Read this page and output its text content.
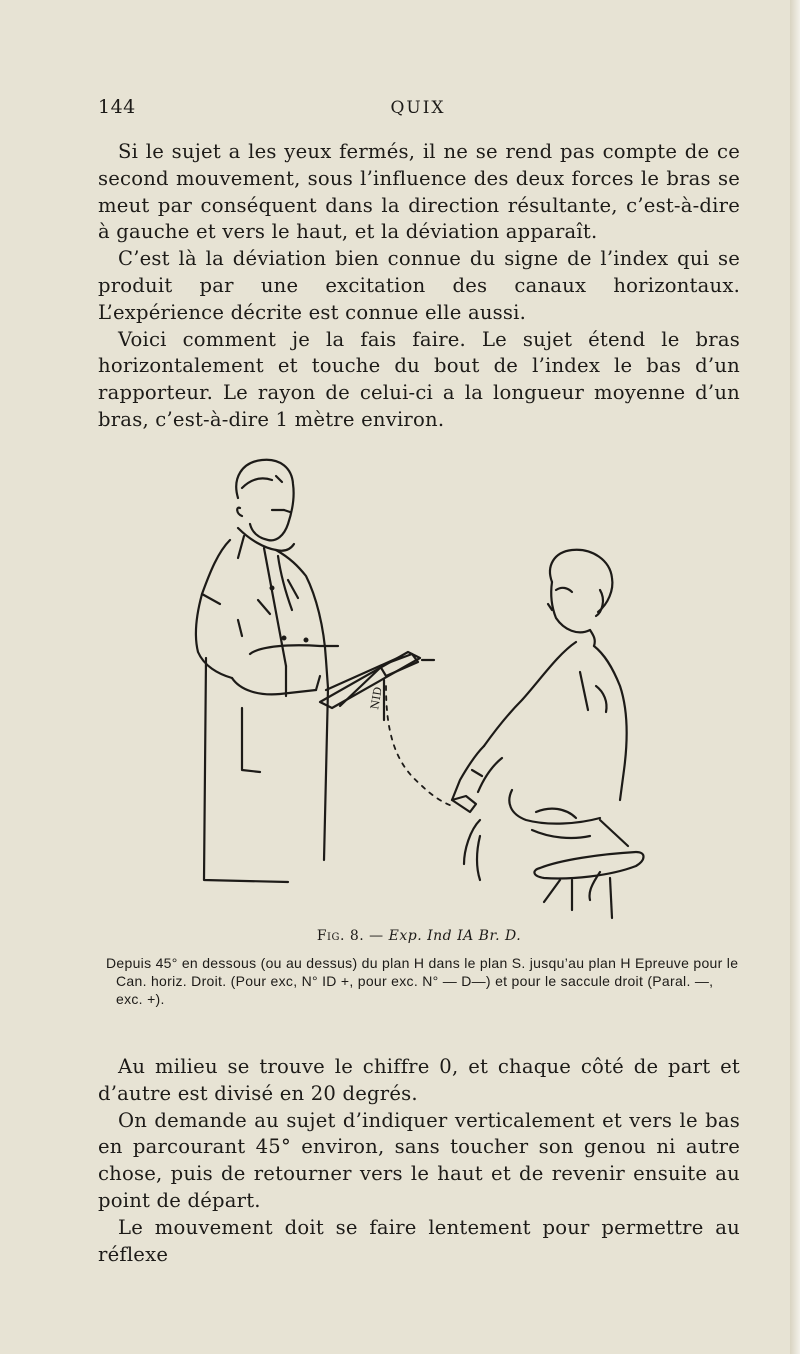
144	QUIX

Si le sujet a les yeux fermés, il ne se rend pas compte de ce second mouvement, sous l’influence des deux forces le bras se meut par conséquent dans la direction résultante, c’est-à-dire à gauche et vers le haut, et la déviation apparaît.

C’est là la déviation bien connue du signe de l’index qui se produit par une excitation des canaux horizontaux. L’expérience décrite est connue elle aussi.

Voici comment je la fais faire. Le sujet étend le bras horizontalement et touche du bout de l’index le bas d’un rapporteur. Le rayon de celui-ci a la longueur moyenne d’un bras, c’est-à-dire 1 mètre environ.

NID
Fig. 8. — Exp. Ind IA Br. D.

Depuis 45° en dessous (ou au dessus) du plan H dans le plan S. jusqu’au plan H Epreuve pour le Can. horiz. Droit. (Pour exc, N° ID +, pour exc. N° — D—) et pour le saccule droit (Paral. —, exc. +).

Au milieu se trouve le chiffre 0, et chaque côté de part et d’autre est divisé en 20 degrés.

On demande au sujet d’indiquer verticalement et vers le bas en parcourant 45° environ, sans toucher son genou ni autre chose, puis de retourner vers le haut et de revenir ensuite au point de départ.

Le mouvement doit se faire lentement pour permettre au réflexe
